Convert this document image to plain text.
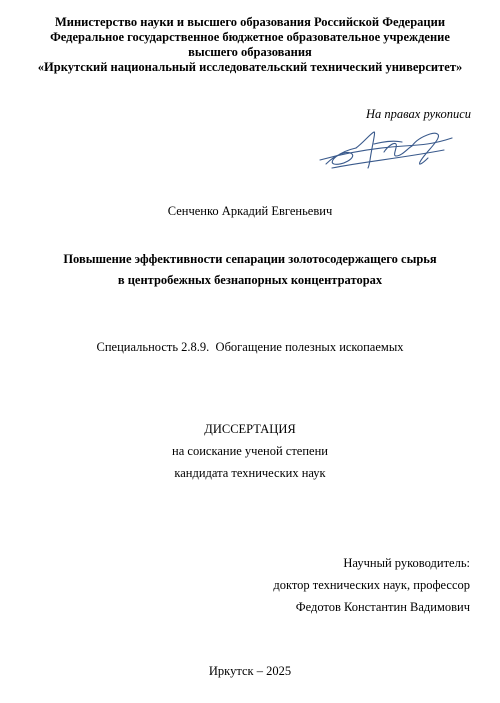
Министерство науки и высшего образования Российской Федерации
Федеральное государственное бюджетное образовательное учреждение
высшего образования
«Иркутский национальный исследовательский технический университет»
На правах рукописи
Сенченко Аркадий Евгеньевич
Повышение эффективности сепарации золотосодержащего сырья
в центробежных безнапорных концентраторах
Специальность 2.8.9.  Обогащение полезных ископаемых
ДИССЕРТАЦИЯ
на соискание ученой степени
кандидата технических наук
Научный руководитель:
доктор технических наук, профессор
Федотов Константин Вадимович
Иркутск – 2025
